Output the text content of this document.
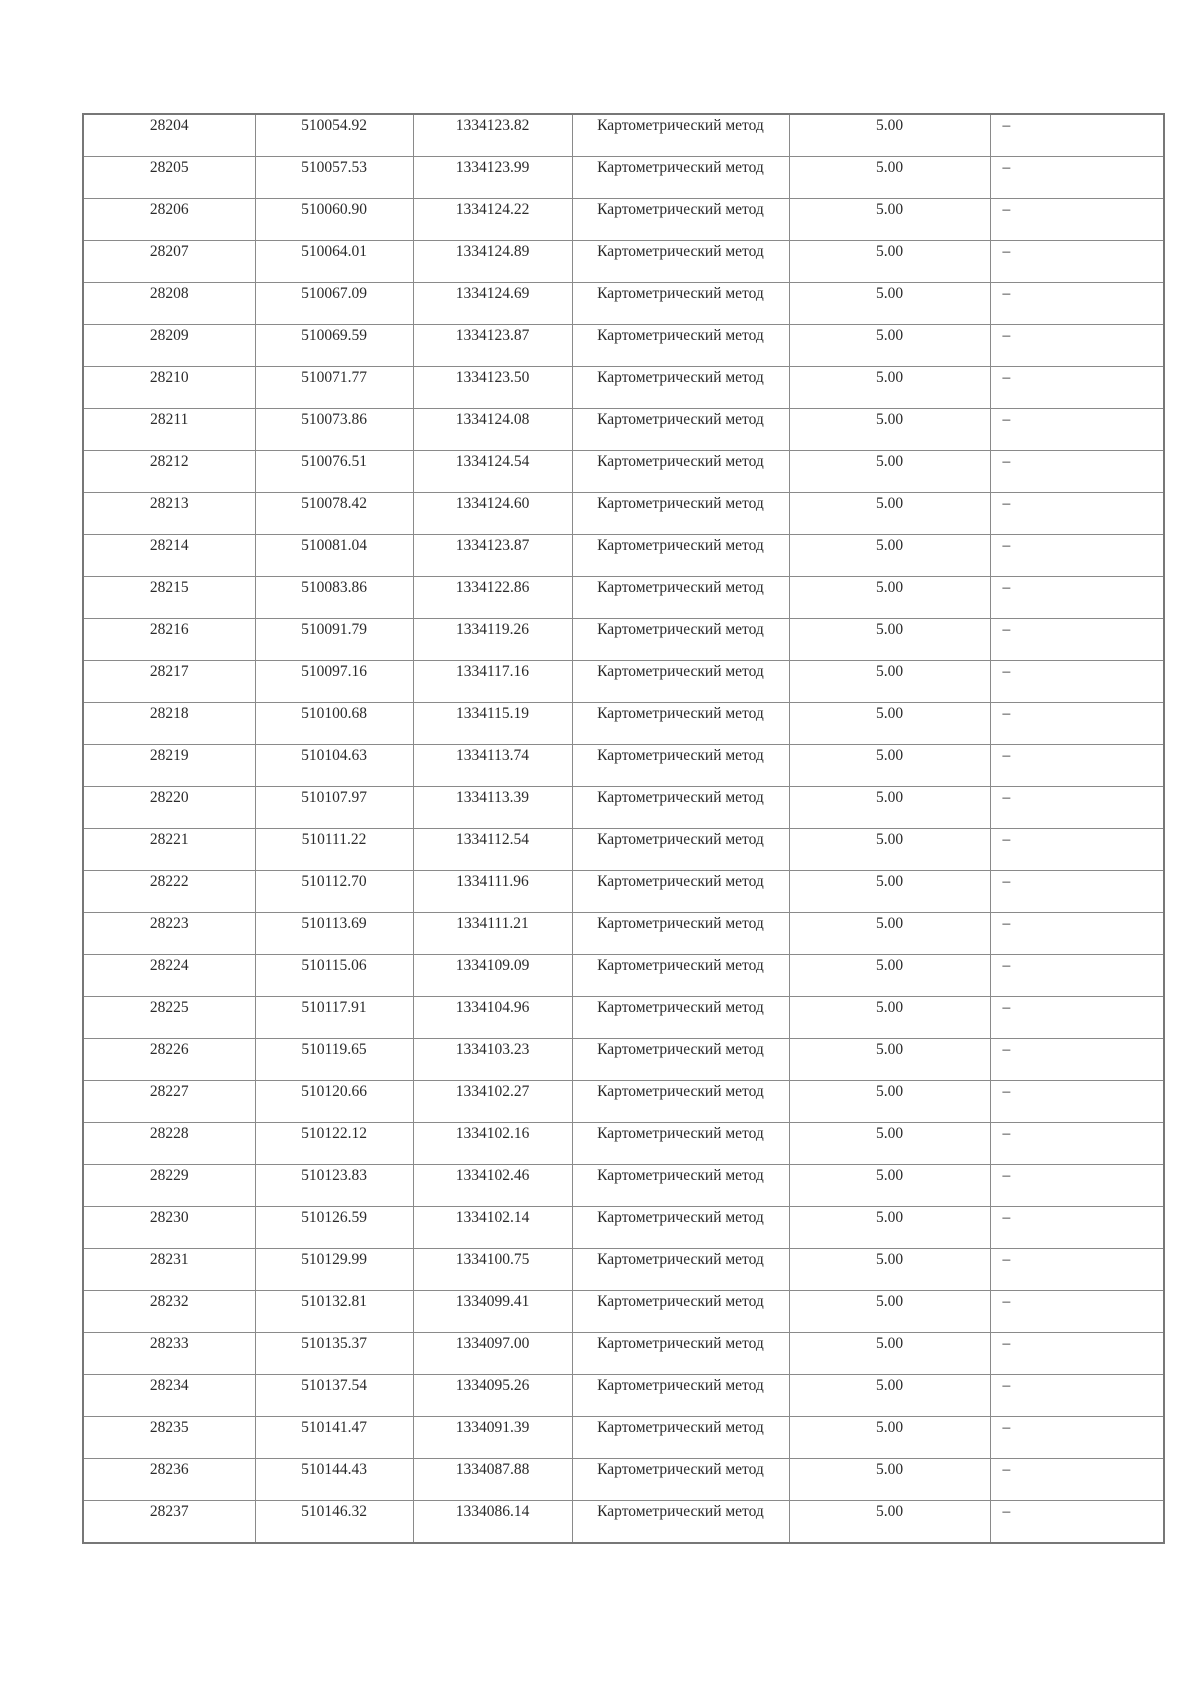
28204	510054.92	1334123.82	Картометрический метод	5.00	–

28205	510057.53	1334123.99	Картометрический метод	5.00	–

28206	510060.90	1334124.22	Картометрический метод	5.00	–

28207	510064.01	1334124.89	Картометрический метод	5.00	–

28208	510067.09	1334124.69	Картометрический метод	5.00	–

28209	510069.59	1334123.87	Картометрический метод	5.00	–

28210	510071.77	1334123.50	Картометрический метод	5.00	–

28211	510073.86	1334124.08	Картометрический метод	5.00	–

28212	510076.51	1334124.54	Картометрический метод	5.00	–

28213	510078.42	1334124.60	Картометрический метод	5.00	–

28214	510081.04	1334123.87	Картометрический метод	5.00	–

28215	510083.86	1334122.86	Картометрический метод	5.00	–

28216	510091.79	1334119.26	Картометрический метод	5.00	–

28217	510097.16	1334117.16	Картометрический метод	5.00	–

28218	510100.68	1334115.19	Картометрический метод	5.00	–

28219	510104.63	1334113.74	Картометрический метод	5.00	–

28220	510107.97	1334113.39	Картометрический метод	5.00	–

28221	510111.22	1334112.54	Картометрический метод	5.00	–

28222	510112.70	1334111.96	Картометрический метод	5.00	–

28223	510113.69	1334111.21	Картометрический метод	5.00	–

28224	510115.06	1334109.09	Картометрический метод	5.00	–

28225	510117.91	1334104.96	Картометрический метод	5.00	–

28226	510119.65	1334103.23	Картометрический метод	5.00	–

28227	510120.66	1334102.27	Картометрический метод	5.00	–

28228	510122.12	1334102.16	Картометрический метод	5.00	–

28229	510123.83	1334102.46	Картометрический метод	5.00	–

28230	510126.59	1334102.14	Картометрический метод	5.00	–

28231	510129.99	1334100.75	Картометрический метод	5.00	–

28232	510132.81	1334099.41	Картометрический метод	5.00	–

28233	510135.37	1334097.00	Картометрический метод	5.00	–

28234	510137.54	1334095.26	Картометрический метод	5.00	–

28235	510141.47	1334091.39	Картометрический метод	5.00	–

28236	510144.43	1334087.88	Картометрический метод	5.00	–

28237	510146.32	1334086.14	Картометрический метод	5.00	–
